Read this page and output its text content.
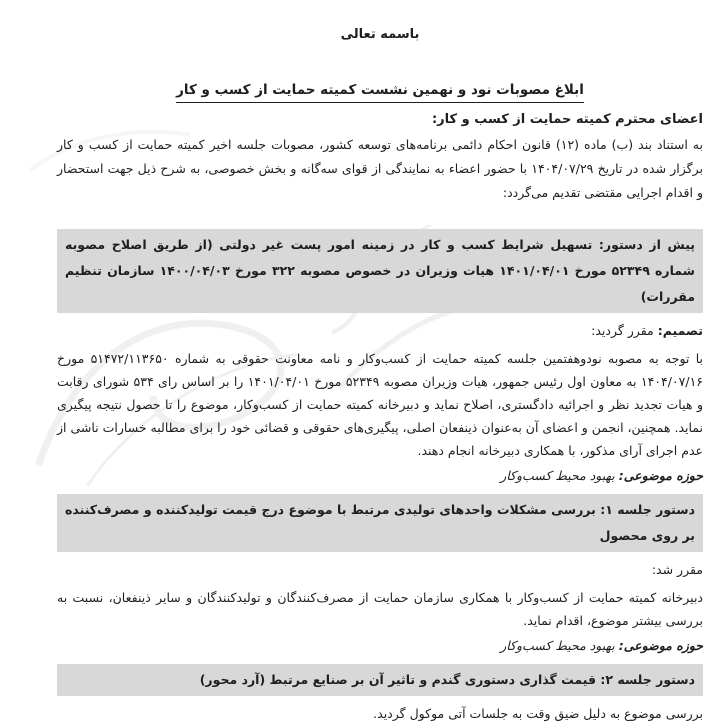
باسمه تعالی
ابلاغ مصوبات نود و نهمین نشست کمیته حمایت از کسب و کار
اعضای محترم کمیته حمایت از کسب و کار:

به استناد بند (ب) ماده (۱۲) قانون احکام دائمی برنامه‌های توسعه کشور، مصوبات جلسه اخیر کمیته حمایت از کسب و کار برگزار شده در تاریخ ۱۴۰۴/۰۷/۲۹ با حضور اعضاء به نمایندگی از قوای سه‌گانه و بخش خصوصی، به شرح ذیل جهت استحضار و اقدام اجرایی مقتضی تقدیم می‌گردد:

پیش از دستور: تسهیل شرایط کسب و کار در زمینه امور پست غیر دولتی (از طریق اصلاح مصوبه شماره ۵۲۳۴۹ مورخ ۱۴۰۱/۰۴/۰۱ هیات وزیران در خصوص مصوبه ۳۲۲ مورخ ۱۴۰۰/۰۴/۰۳ سازمان تنظیم مقررات)

تصمیم: مقرر گردید:

با توجه به مصوبه نودوهفتمین جلسه کمیته حمایت از کسب‌وکار و نامه معاونت حقوقی به شماره ۵۱۴۷۲/۱۱۳۶۵۰ مورخ ۱۴۰۴/۰۷/۱۶ به معاون اول رئیس جمهور، هیات وزیران مصوبه ۵۲۳۴۹ مورخ ۱۴۰۱/۰۴/۰۱ را بر اساس رای ۵۳۴ شورای رقابت و هیات تجدید نظر و اجرائیه دادگستری، اصلاح نماید و دبیرخانه کمیته حمایت از کسب‌وکار، موضوع را تا حصول نتیجه پیگیری نماید. همچنین، انجمن و اعضای آن به‌عنوان ذینفعان اصلی، پیگیری‌های حقوقی و قضائی خود را برای مطالبه خسارات ناشی از عدم اجرای آرای مذکور، با همکاری دبیرخانه انجام دهند.

حوزه موضوعی: بهبود محیط کسب‌وکار

دستور جلسه ۱: بررسی مشکلات واحدهای تولیدی مرتبط با موضوع درج قیمت تولیدکننده و مصرف‌کننده بر روی محصول

مقرر شد:

دبیرخانه کمیته حمایت از کسب‌وکار با همکاری سازمان حمایت از مصرف‌کنندگان و تولیدکنندگان و سایر ذینفعان، نسبت به بررسی بیشتر موضوع، اقدام نماید.

حوزه موضوعی: بهبود محیط کسب‌وکار

دستور جلسه ۲: قیمت گذاری دستوری گندم و تاثیر آن بر صنایع مرتبط (آرد محور)

بررسی موضوع به دلیل ضیق وقت به جلسات آتی موکول گردید.
